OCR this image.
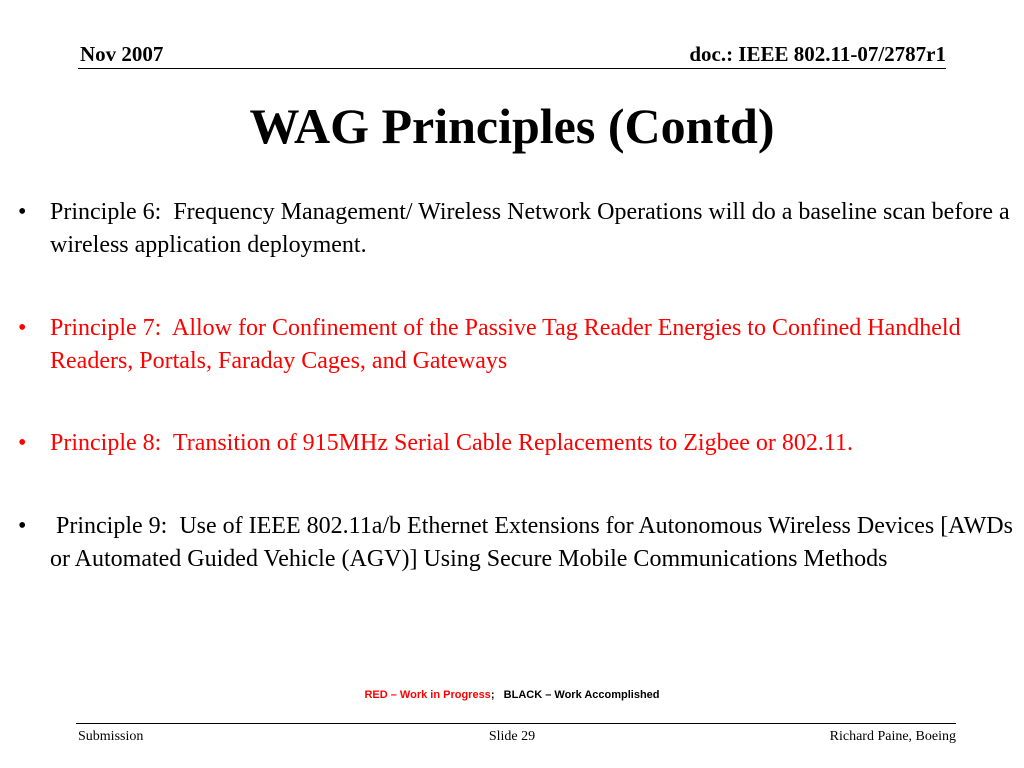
Nov 2007	doc.: IEEE 802.11-07/2787r1
WAG Principles (Contd)
• Principle 6:  Frequency Management/ Wireless Network Operations will do a baseline scan before a wireless application deployment.
• Principle 7:  Allow for Confinement of the Passive Tag Reader Energies to Confined Handheld Readers, Portals, Faraday Cages, and Gateways
• Principle 8:  Transition of 915MHz Serial Cable Replacements to Zigbee or 802.11.
• Principle 9:  Use of IEEE 802.11a/b Ethernet Extensions for Autonomous Wireless Devices [AWDs or Automated Guided Vehicle (AGV)] Using Secure Mobile Communications Methods
RED – Work in Progress;   BLACK – Work Accomplished
Submission	Slide 29	Richard Paine, Boeing
